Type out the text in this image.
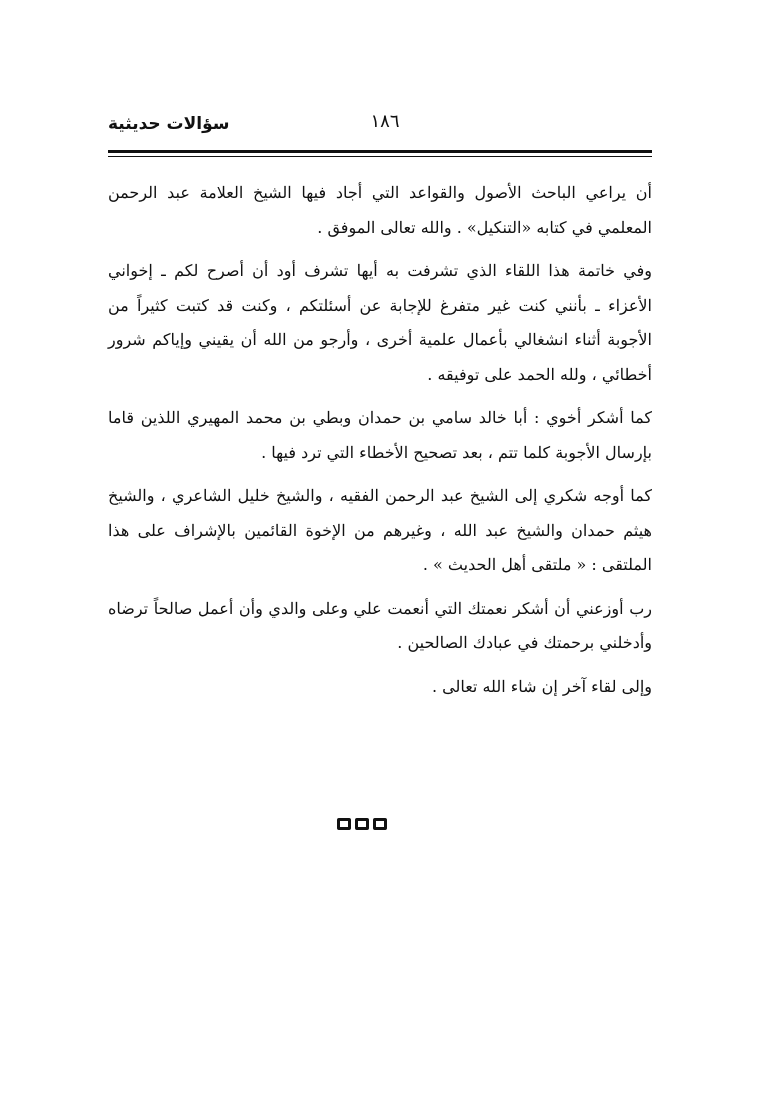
سؤالات حديثية	١٨٦

أن يراعي الباحث الأصول والقواعد التي أجاد فيها الشيخ العلامة عبد الرحمن المعلمي في كتابه «التنكيل» . والله تعالى الموفق .

وفي خاتمة هذا اللقاء الذي تشرفت به أيها تشرف أود أن أصرح لكم ـ إخواني الأعزاء ـ بأنني كنت غير متفرغ للإجابة عن أسئلتكم ، وكنت قد كتبت كثيراً من الأجوبة أثناء انشغالي بأعمال علمية أخرى ، وأرجو من الله أن يقيني وإياكم شرور أخطائي ، ولله الحمد على توفيقه .

كما أشكر أخوي : أبا خالد سامي بن حمدان وبطي بن محمد المهيري اللذين قاما بإرسال الأجوبة كلما تتم ، بعد تصحيح الأخطاء التي ترد فيها .

كما أوجه شكري إلى الشيخ عبد الرحمن الفقيه ، والشيخ خليل الشاعري ، والشيخ هيثم حمدان والشيخ عبد الله ، وغيرهم من الإخوة القائمين بالإشراف على هذا الملتقى : « ملتقى أهل الحديث » .

رب أوزعني أن أشكر نعمتك التي أنعمت علي وعلى والدي وأن أعمل صالحاً ترضاه وأدخلني برحمتك في عبادك الصالحين .

وإلى لقاء آخر إن شاء الله تعالى .
